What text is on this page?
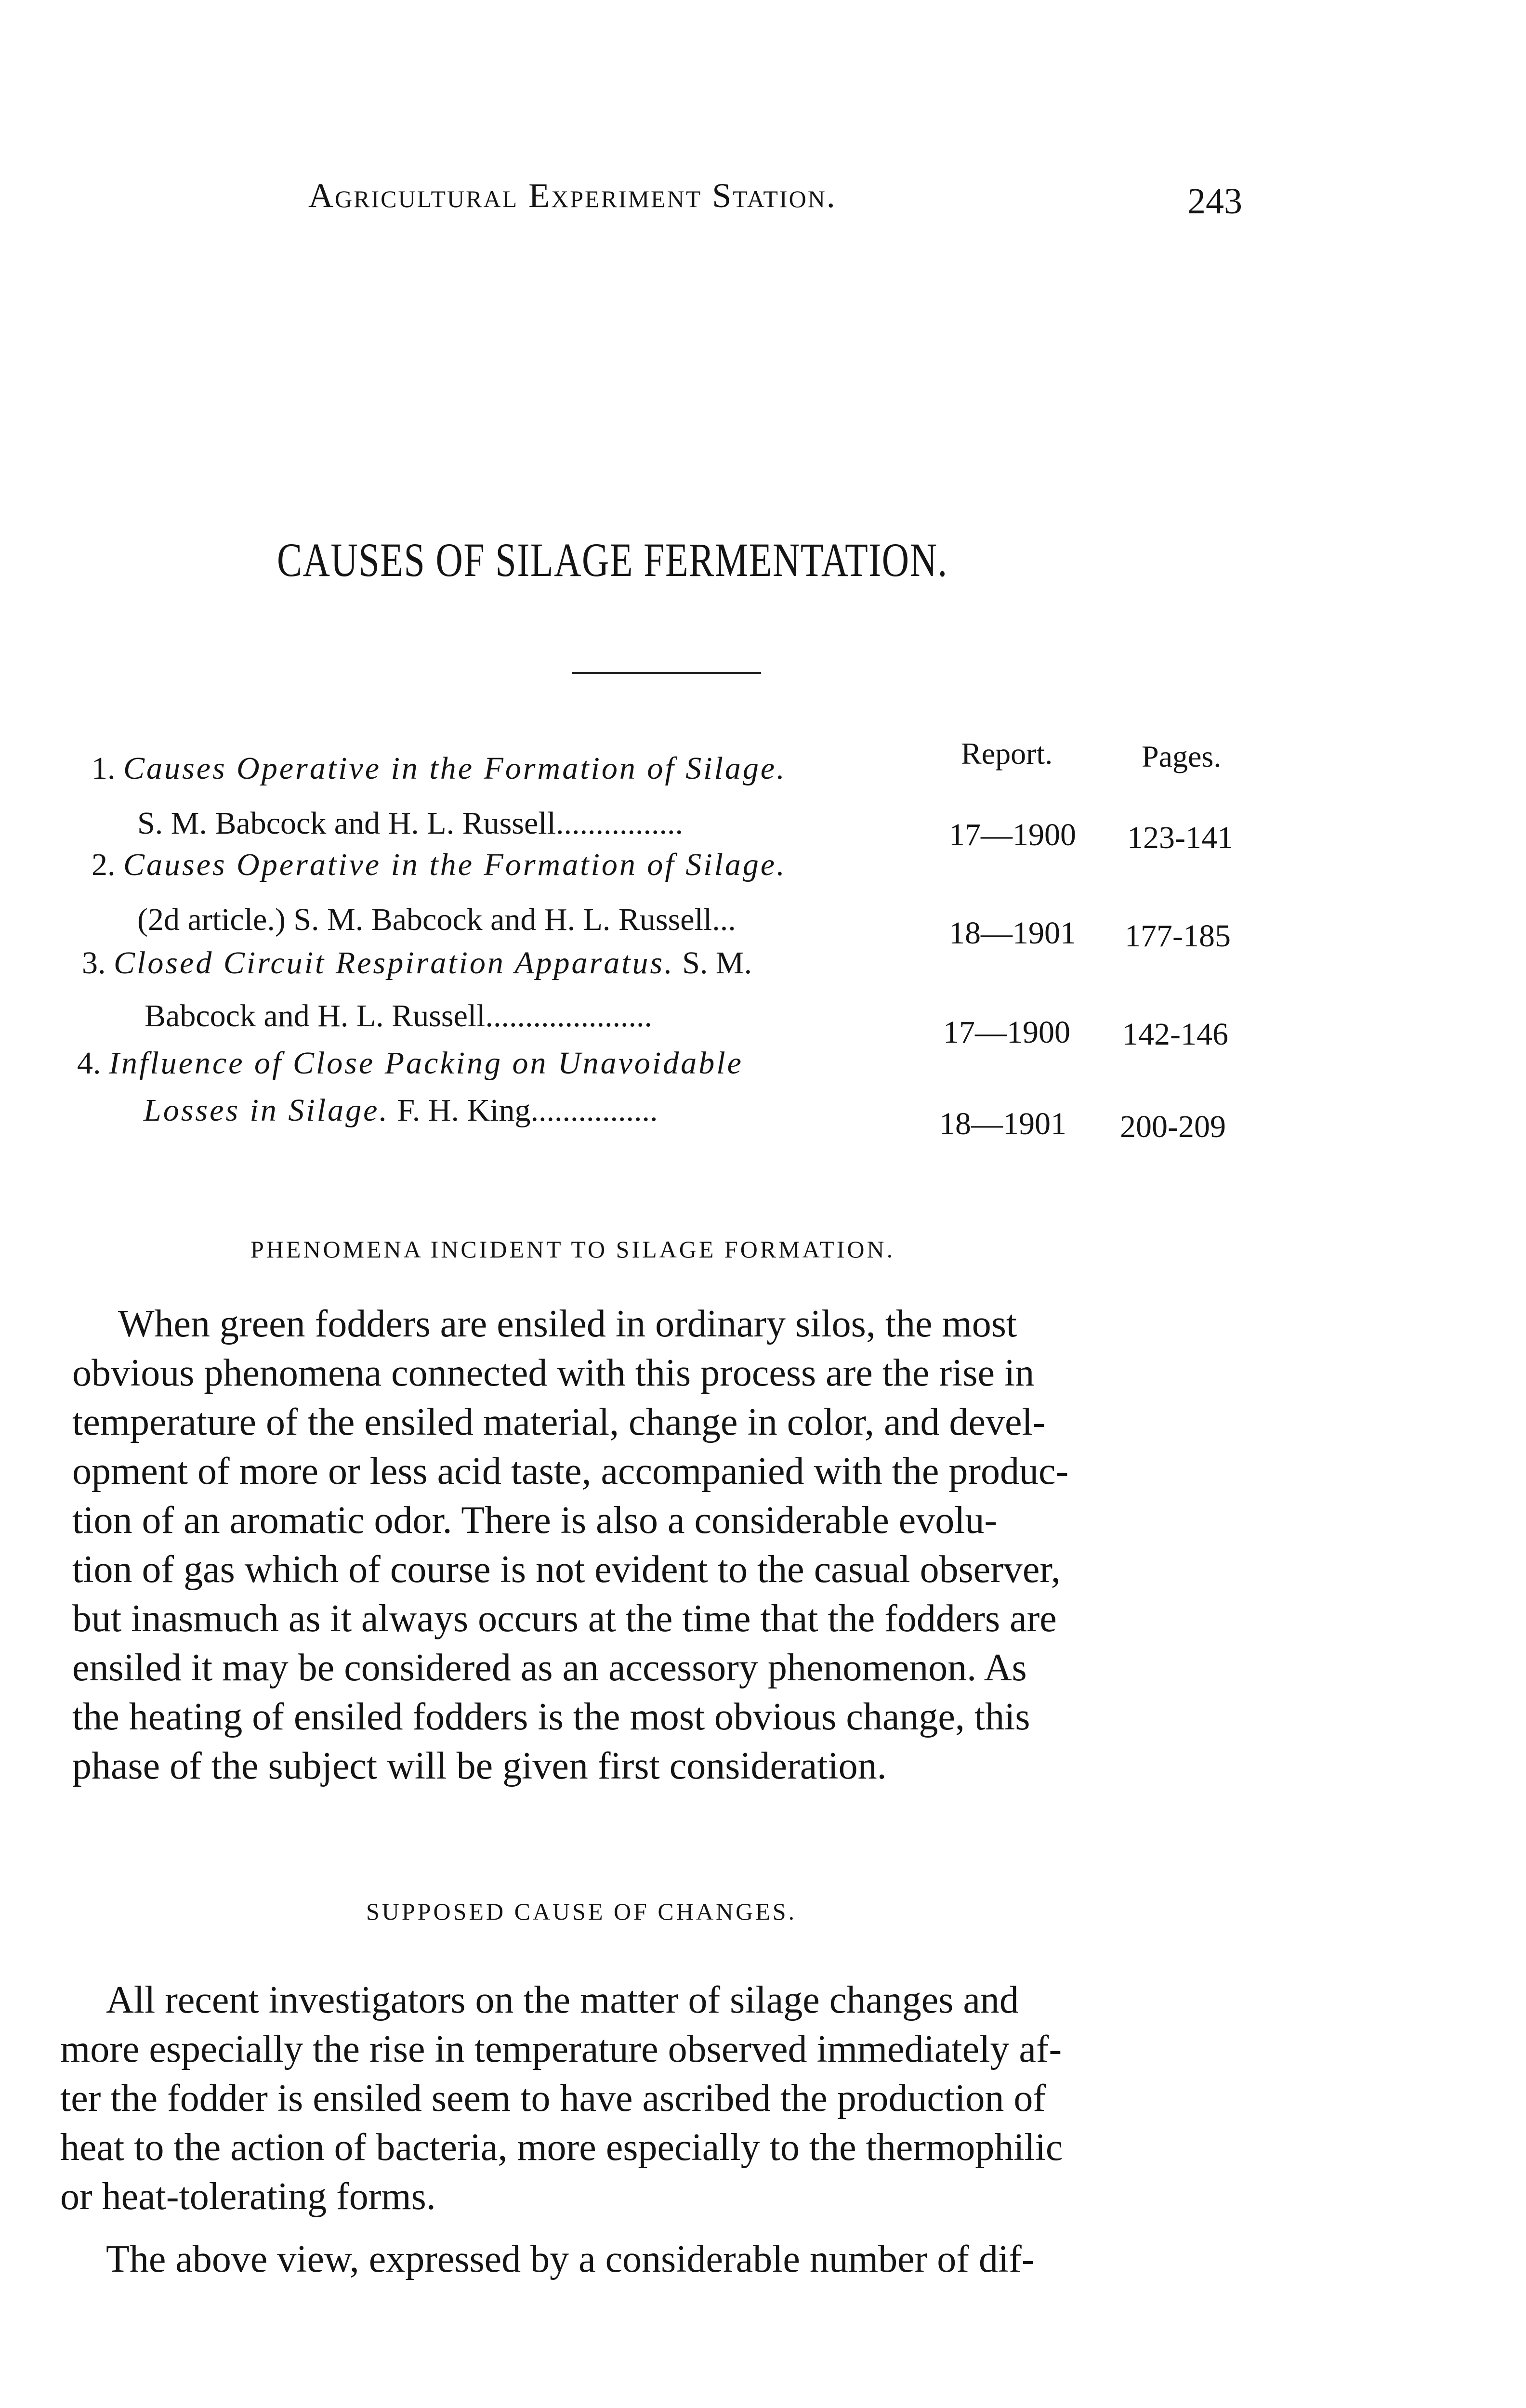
Agricultural Experiment Station.	243
CAUSES OF SILAGE FERMENTATION.
Report.	Pages.
1. Causes Operative in the Formation of Silage.
S. M. Babcock and H. L. Russell................	17—1900 123-141
2. Causes Operative in the Formation of Silage.
(2d article.) S. M. Babcock and H. L. Russell...	18—1901 177-185
3. Closed Circuit Respiration Apparatus. S. M.
Babcock and H. L. Russell.....................	17—1900 142-146
4. Influence of Close Packing on Unavoidable
Losses in Silage. F. H. King................	18—1901 200-209
PHENOMENA INCIDENT TO SILAGE FORMATION.
When green fodders are ensiled in ordinary silos, the most
obvious phenomena connected with this process are the rise in
temperature of the ensiled material, change in color, and devel-
opment of more or less acid taste, accompanied with the produc-
tion of an aromatic odor. There is also a considerable evolu-
tion of gas which of course is not evident to the casual observer,
but inasmuch as it always occurs at the time that the fodders are
ensiled it may be considered as an accessory phenomenon. As
the heating of ensiled fodders is the most obvious change, this
phase of the subject will be given first consideration.
SUPPOSED CAUSE OF CHANGES.
All recent investigators on the matter of silage changes and
more especially the rise in temperature observed immediately af-
ter the fodder is ensiled seem to have ascribed the production of
heat to the action of bacteria, more especially to the thermophilic
or heat-tolerating forms.
The above view, expressed by a considerable number of dif-
